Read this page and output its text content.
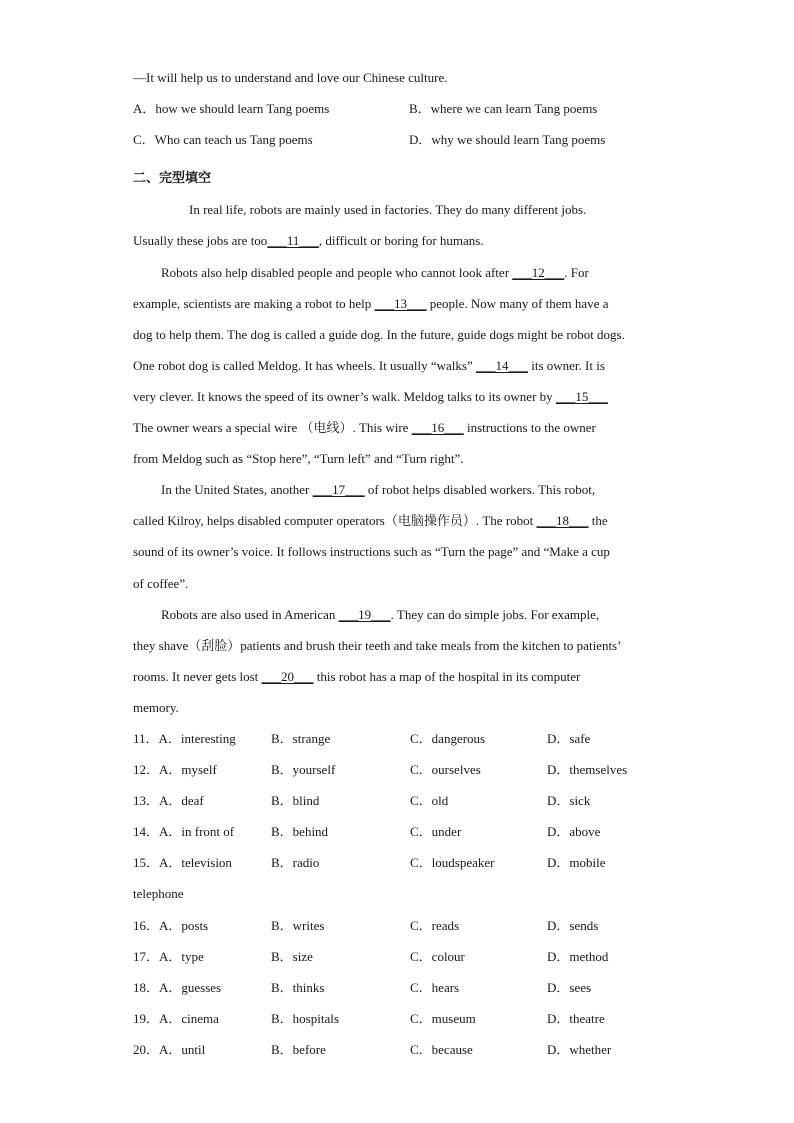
—It will help us to understand and love our Chinese culture.
A．how we should learn Tang poems	B．where we can learn Tang poems
C．Who can teach us Tang poems	D．why we should learn Tang poems
二、完型填空
In real life, robots are mainly used in factories. They do many different jobs.
Usually these jobs are too___11___, difficult or boring for humans.
Robots also help disabled people and people who cannot look after ___12___. For
example, scientists are making a robot to help ___13___ people. Now many of them have a
dog to help them. The dog is called a guide dog. In the future, guide dogs might be robot dogs.
One robot dog is called Meldog. It has wheels. It usually “walks” ___14___ its owner. It is
very clever. It knows the speed of its owner’s walk. Meldog talks to its owner by ___15___
The owner wears a special wire （电线）. This wire ___16___ instructions to the owner
from Meldog such as “Stop here”, “Turn left” and “Turn right”.
In the United States, another ___17___ of robot helps disabled workers. This robot,
called Kilroy, helps disabled computer operators（电脑操作员）. The robot ___18___ the
sound of its owner’s voice. It follows instructions such as “Turn the page” and “Make a cup
of coffee”.
Robots are also used in American ___19___. They can do simple jobs. For example,
they shave（刮脸）patients and brush their teeth and take meals from the kitchen to patients’
rooms. It never gets lost ___20___ this robot has a map of the hospital in its computer
memory.
11．A．interesting	B．strange	C．dangerous	D．safe
12．A．myself	B．yourself	C．ourselves	D．themselves
13．A．deaf	B．blind	C．old	D．sick
14．A．in front of	B．behind	C．under	D．above
15．A．television	B．radio	C．loudspeaker	D．mobile
telephone
16．A．posts	B．writes	C．reads	D．sends
17．A．type	B．size	C．colour	D．method
18．A．guesses	B．thinks	C．hears	D．sees
19．A．cinema	B．hospitals	C．museum	D．theatre
20．A．until	B．before	C．because	D．whether
